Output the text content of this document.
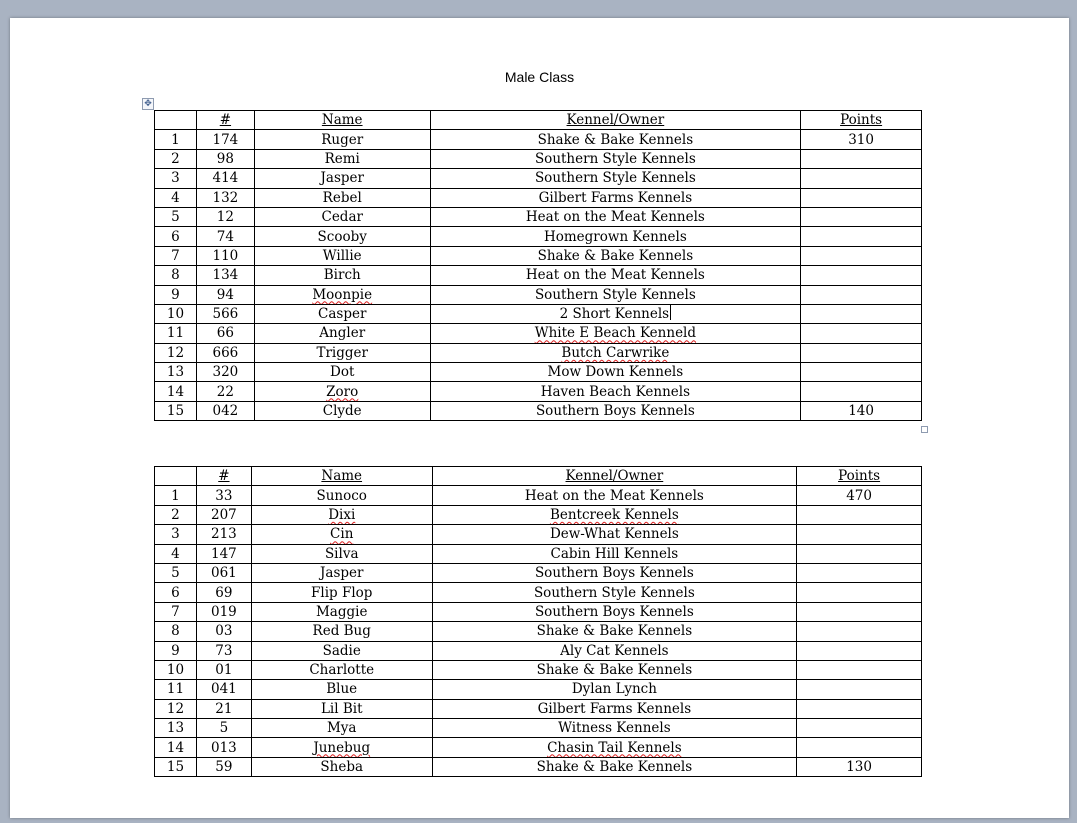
Male Class
✥
	#	Name	Kennel/Owner	Points
1	174	Ruger	Shake & Bake Kennels	310
2	98	Remi	Southern Style Kennels	
3	414	Jasper	Southern Style Kennels	
4	132	Rebel	Gilbert Farms Kennels	
5	12	Cedar	Heat on the Meat Kennels	
6	74	Scooby	Homegrown Kennels	
7	110	Willie	Shake & Bake Kennels	
8	134	Birch	Heat on the Meat Kennels	
9	94	Moonpie	Southern Style Kennels	
10	566	Casper	2 Short Kennels	
11	66	Angler	White E Beach Kenneld	
12	666	Trigger	Butch Carwrike	
13	320	Dot	Mow Down Kennels	
14	22	Zoro	Haven Beach Kennels	
15	042	Clyde	Southern Boys Kennels	140
	#	Name	Kennel/Owner	Points
1	33	Sunoco	Heat on the Meat Kennels	470
2	207	Dixi	Bentcreek Kennels	
3	213	Cin	Dew-What Kennels	
4	147	Silva	Cabin Hill Kennels	
5	061	Jasper	Southern Boys Kennels	
6	69	Flip Flop	Southern Style Kennels	
7	019	Maggie	Southern Boys Kennels	
8	03	Red Bug	Shake & Bake Kennels	
9	73	Sadie	Aly Cat Kennels	
10	01	Charlotte	Shake & Bake Kennels	
11	041	Blue	Dylan Lynch	
12	21	Lil Bit	Gilbert Farms Kennels	
13	5	Mya	Witness Kennels	
14	013	Junebug	Chasin Tail Kennels	
15	59	Sheba	Shake & Bake Kennels	130
